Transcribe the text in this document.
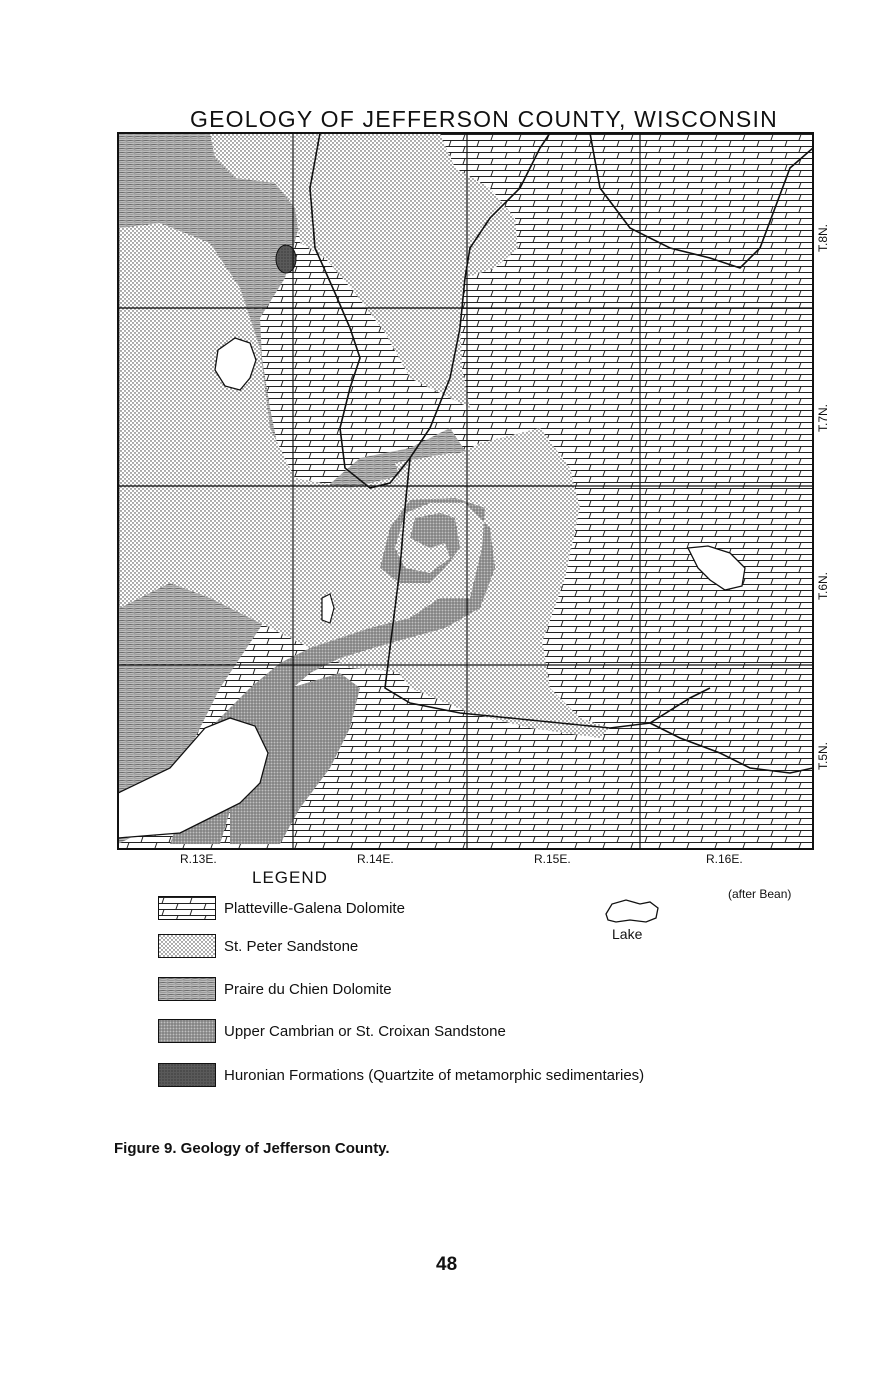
GEOLOGY OF JEFFERSON COUNTY, WISCONSIN
R.13E.	R.14E.	R.15E.	R.16E.
T.8N.
T.7N.
T.6N.
T.5N.
LEGEND
Platteville-Galena Dolomite
St. Peter Sandstone
Praire du Chien Dolomite
Upper Cambrian or St. Croixan Sandstone
Huronian Formations (Quartzite of metamorphic sedimentaries)
Lake
(after Bean)
Figure 9. Geology of Jefferson County.
48
